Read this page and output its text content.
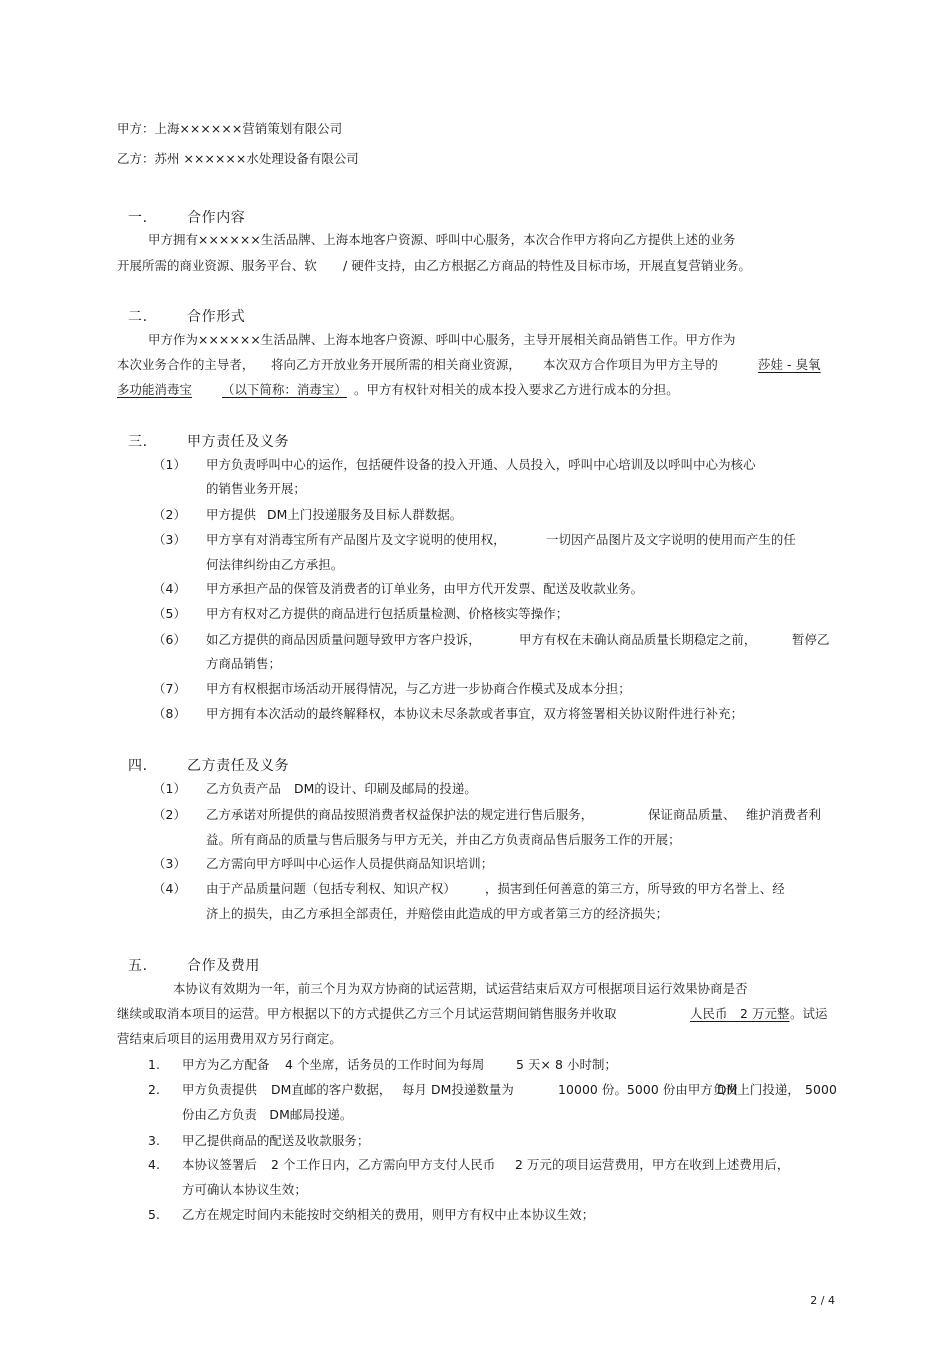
甲方：上海××××××营销策划有限公司
乙方：苏州 ××××××水处理设备有限公司
一.	合作内容
甲方拥有××××××生活品牌、上海本地客户资源、呼叫中心服务，本次合作甲方将向乙方提供上述的业务
开展所需的商业资源、服务平台、软 / 硬件支持，由乙方根据乙方商品的特性及目标市场，开展直复营销业务。
二.	合作形式
甲方作为××××××生活品牌、上海本地客户资源、呼叫中心服务，主导开展相关商品销售工作。甲方作为
本次业务合作的主导者， 将向乙方开放业务开展所需的相关商业资源， 本次双方合作项目为甲方主导的	莎娃 - 臭氧
多功能消毒宝 （以下简称：消毒宝） 。甲方有权针对相关的成本投入要求乙方进行成本的分担。
三.	甲方责任及义务
（1） 甲方负责呼叫中心的运作，包括硬件设备的投入开通、人员投入，呼叫中心培训及以呼叫中心为核心
的销售业务开展；
（2） 甲方提供 DM上门投递服务及目标人群数据。
（3） 甲方享有对消毒宝所有产品图片及文字说明的使用权，	一切因产品图片及文字说明的使用而产生的任
何法律纠纷由乙方承担。
（4） 甲方承担产品的保管及消费者的订单业务，由甲方代开发票、配送及收款业务。
（5） 甲方有权对乙方提供的商品进行包括质量检测、价格核实等操作；
（6） 如乙方提供的商品因质量问题导致甲方客户投诉，	甲方有权在未确认商品质量长期稳定之前，	暂停乙
方商品销售；
（7） 甲方有权根据市场活动开展得情况，与乙方进一步协商合作模式及成本分担；
（8） 甲方拥有本次活动的最终解释权，本协议未尽条款或者事宜，双方将签署相关协议附件进行补充；
四.	乙方责任及义务
（1） 乙方负责产品 DM的设计、印刷及邮局的投递。
（2） 乙方承诺对所提供的商品按照消费者权益保护法的规定进行售后服务，	保证商品质量、 维护消费者利
益。所有商品的质量与售后服务与甲方无关，并由乙方负责商品售后服务工作的开展；
（3） 乙方需向甲方呼叫中心运作人员提供商品知识培训；
（4） 由于产品质量问题（包括专利权、知识产权） ，损害到任何善意的第三方，所导致的甲方名誉上、经
济上的损失，由乙方承担全部责任，并赔偿由此造成的甲方或者第三方的经济损失；
五.	合作及费用
本协议有效期为一年，前三个月为双方协商的试运营期，试运营结束后双方可根据项目运行效果协商是否
继续或取消本项目的运营。甲方根据以下的方式提供乙方三个月试运营期间销售服务并收取	人民币　2 万元整 。试运
营结束后项目的运用费用双方另行商定。
1. 甲方为乙方配备 4 个坐席，话务员的工作时间为每周	5 天× 8 小时制；
2. 甲方负责提供 DM直邮的客户数据， 每月 DM投递数量为	10000 份。5000 份由甲方负责
DM上门投递， 5000
份由乙方负责　DM邮局投递。
3. 甲乙提供商品的配送及收款服务；
4. 本协议签署后 2 个工作日内，乙方需向甲方支付人民币 2 万元的项目运营费用，甲方在收到上述费用后，
方可确认本协议生效；
5. 乙方在规定时间内未能按时交纳相关的费用，则甲方有权中止本协议生效；
2 / 4
